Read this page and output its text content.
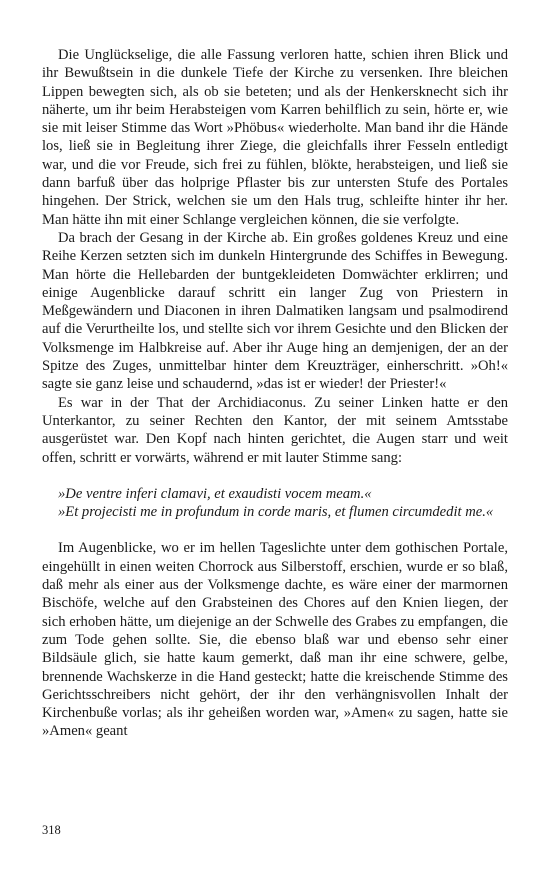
Die Unglückselige, die alle Fassung verloren hatte, schien ihren Blick und ihr Bewußtsein in die dunkele Tiefe der Kirche zu versenken. Ihre bleichen Lippen bewegten sich, als ob sie beteten; und als der Henkersknecht sich ihr näherte, um ihr beim Herabsteigen vom Karren behilflich zu sein, hörte er, wie sie mit leiser Stimme das Wort »Phöbus« wiederholte. Man band ihr die Hände los, ließ sie in Begleitung ihrer Ziege, die gleichfalls ihrer Fesseln entledigt war, und die vor Freude, sich frei zu fühlen, blökte, herabsteigen, und ließ sie dann barfuß über das holprige Pflaster bis zur untersten Stufe des Portales hingehen. Der Strick, welchen sie um den Hals trug, schleifte hinter ihr her. Man hätte ihn mit einer Schlange vergleichen können, die sie verfolgte.

Da brach der Gesang in der Kirche ab. Ein großes goldenes Kreuz und eine Reihe Kerzen setzten sich im dunkeln Hintergrunde des Schiffes in Bewegung. Man hörte die Hellebarden der buntgekleideten Domwächter erklirren; und einige Augenblicke darauf schritt ein langer Zug von Priestern in Meßgewändern und Diaconen in ihren Dalmatiken langsam und psalmodirend auf die Verurtheilte los, und stellte sich vor ihrem Gesichte und den Blicken der Volksmenge im Halbkreise auf. Aber ihr Auge hing an demjenigen, der an der Spitze des Zuges, unmittelbar hinter dem Kreuzträger, einherschritt. »Oh!« sagte sie ganz leise und schaudernd, »das ist er wieder! der Priester!«

Es war in der That der Archidiaconus. Zu seiner Linken hatte er den Unterkantor, zu seiner Rechten den Kantor, der mit seinem Amtsstabe ausgerüstet war. Den Kopf nach hinten gerichtet, die Augen starr und weit offen, schritt er vorwärts, während er mit lauter Stimme sang:

»De ventre inferi clamavi, et exaudisti vocem meam.«

»Et projecisti me in profundum in corde maris, et flumen circumdedit me.«

Im Augenblicke, wo er im hellen Tageslichte unter dem gothischen Portale, eingehüllt in einen weiten Chorrock aus Silberstoff, erschien, wurde er so blaß, daß mehr als einer aus der Volksmenge dachte, es wäre einer der marmornen Bischöfe, welche auf den Grabsteinen des Chores auf den Knien liegen, der sich erhoben hätte, um diejenige an der Schwelle des Grabes zu empfangen, die zum Tode gehen sollte. Sie, die ebenso blaß war und ebenso sehr einer Bildsäule glich, sie hatte kaum gemerkt, daß man ihr eine schwere, gelbe, brennende Wachskerze in die Hand gesteckt; hatte die kreischende Stimme des Gerichtsschreibers nicht gehört, der ihr den verhängnisvollen Inhalt der Kirchenbuße vorlas; als ihr geheißen worden war, »Amen« zu sagen, hatte sie »Amen« geant

318
